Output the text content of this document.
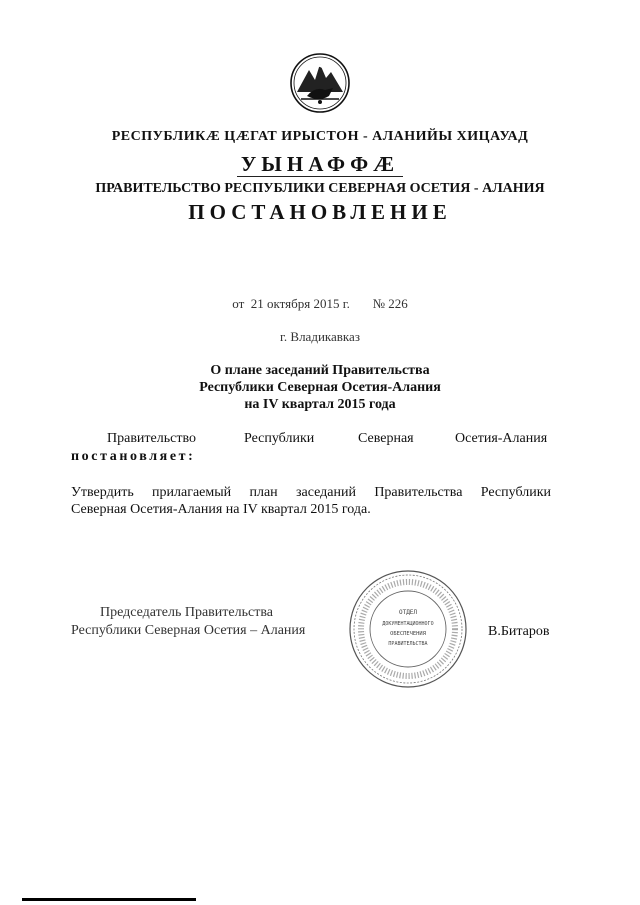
РЕСПУБЛИКӔ ЦӔГАТ ИРЫСТОН - АЛАНИЙЫ ХИЦАУАД
УЫНАФФӔ
ПРАВИТЕЛЬСТВО РЕСПУБЛИКИ СЕВЕРНАЯ ОСЕТИЯ - АЛАНИЯ
ПОСТАНОВЛЕНИЕ
от 21 октября 2015 г. № 226
г. Владикавказ
О плане заседаний Правительства
Республики Северная Осетия-Алания
на IV квартал 2015 года
Правительство	Республики	Северная	Осетия-Алания
постановляет:
Утвердить прилагаемый план заседаний Правительства Республики
Северная Осетия-Алания на IV квартал 2015 года.
Председатель Правительства
Республики Северная Осетия – Алания
ОТДЕЛ
ДОКУМЕНТАЦИОННОГО
ОБЕСПЕЧЕНИЯ
ПРАВИТЕЛЬСТВА
В.Битаров
